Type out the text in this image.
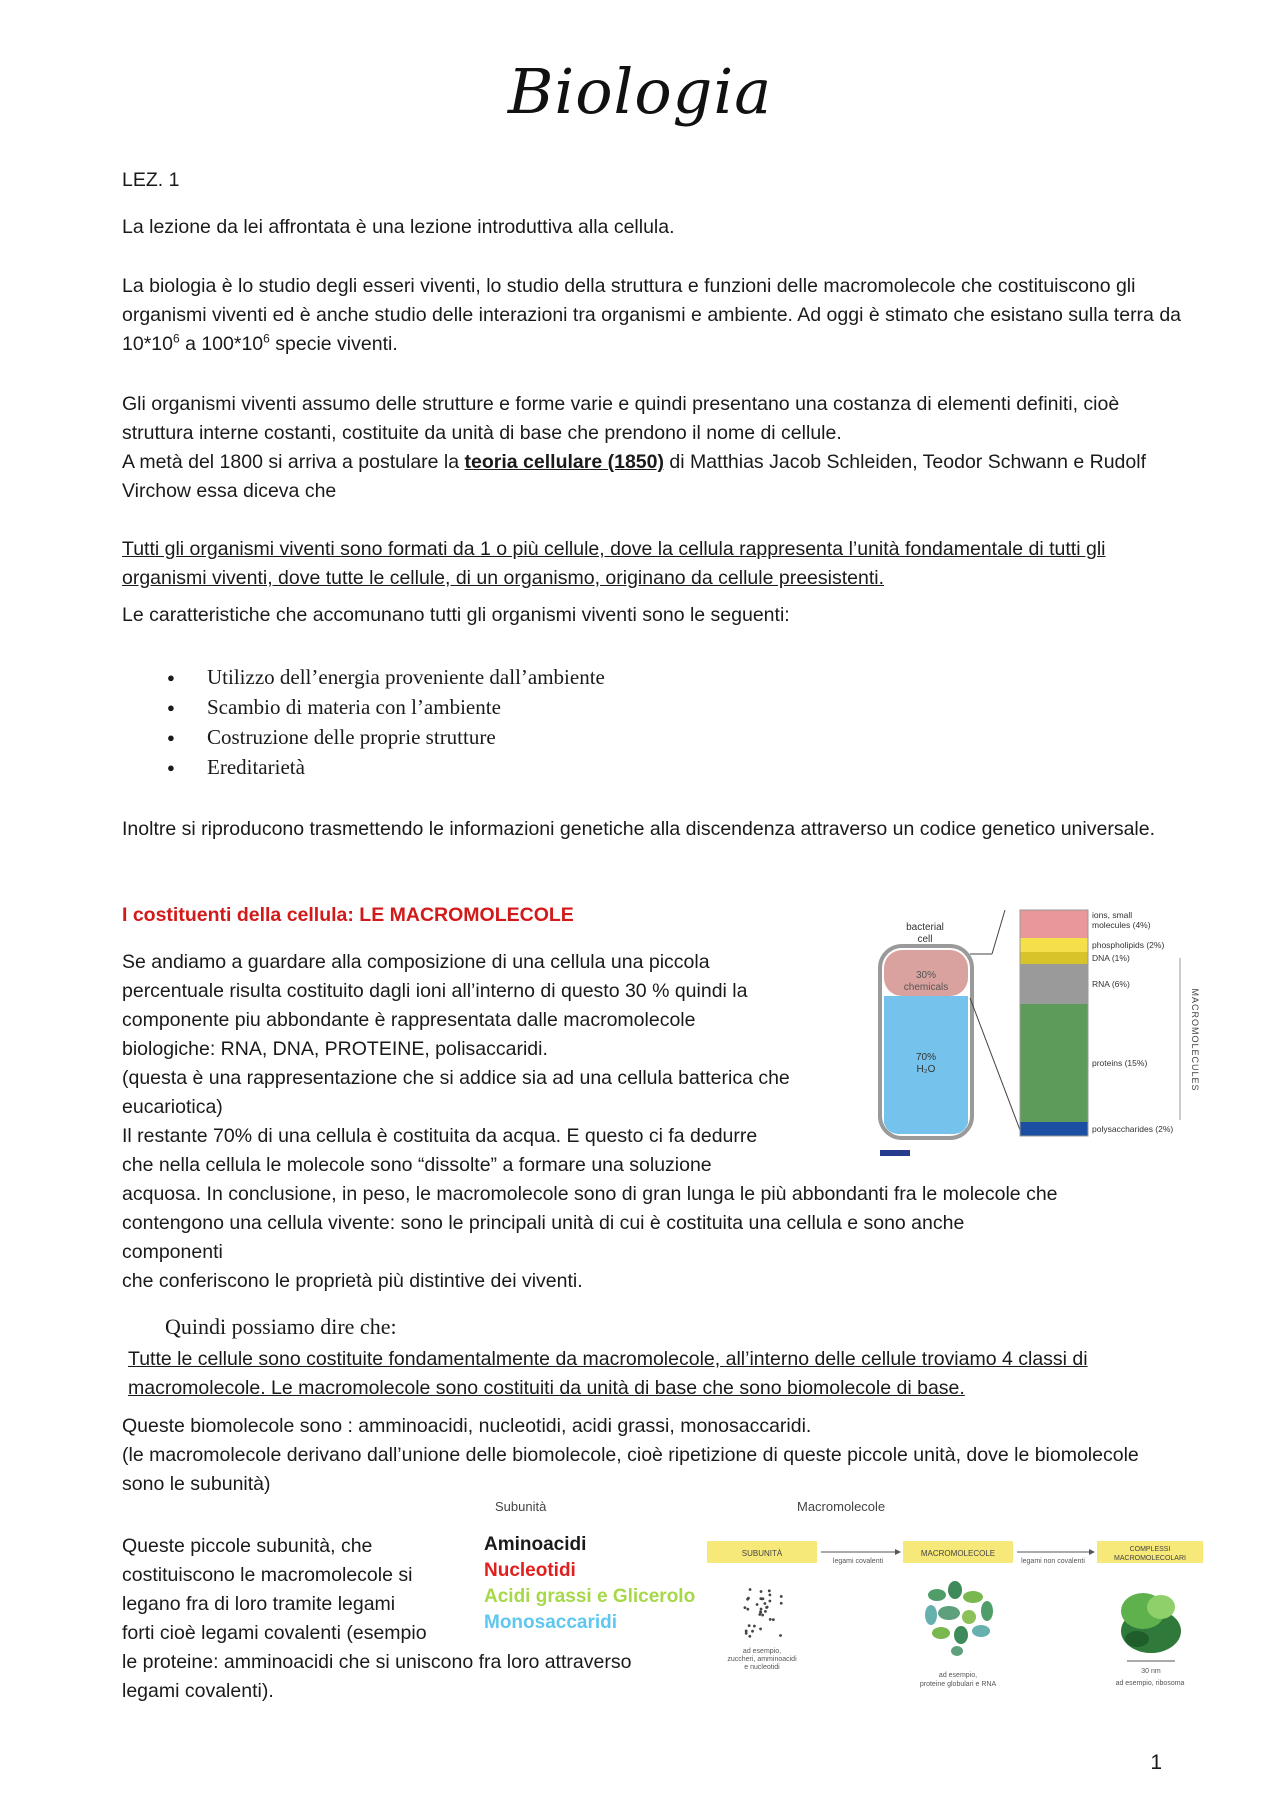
Biologia
LEZ. 1
La lezione da lei affrontata è una lezione introduttiva alla cellula.
La biologia è lo studio degli esseri viventi, lo studio della struttura e funzioni delle macromolecole che costituiscono gli organismi viventi ed è anche studio delle interazioni tra organismi e ambiente. Ad oggi è stimato che esistano sulla terra da $10*10^6$ a $100*10^6$ specie viventi.
Gli organismi viventi assumo delle strutture e forme varie e quindi presentano una costanza di elementi definiti, cioè struttura interne costanti, costituite da unità di base che prendono il nome di cellule.
A metà del 1800 si arriva a postulare la teoria cellulare (1850) di Matthias Jacob Schleiden, Teodor Schwann e Rudolf Virchow essa diceva che
Tutti gli organismi viventi sono formati da 1 o più cellule, dove la cellula rappresenta l’unità fondamentale di tutti gli organismi viventi, dove tutte le cellule, di un organismo, originano da cellule preesistenti.
Le caratteristiche che accomunano tutti gli organismi viventi sono le seguenti:
● Utilizzo dell’energia proveniente dall’ambiente
● Scambio di materia con l’ambiente
● Costruzione delle proprie strutture
● Ereditarietà
Inoltre si riproducono trasmettendo le informazioni genetiche alla discendenza attraverso un codice genetico universale.
I costituenti della cellula: LE MACROMOLECOLE
Se andiamo a guardare alla composizione di una cellula una piccola
percentuale risulta costituito dagli ioni all’interno di questo 30 % quindi la
componente piu abbondante è rappresentata dalle macromolecole
biologiche: RNA, DNA, PROTEINE, polisaccaridi.
(questa è una rappresentazione che si addice sia ad una cellula batterica che
eucariotica)
Il restante 70% di una cellula è costituita da acqua. E questo ci fa dedurre
che nella cellula le molecole sono “dissolte” a formare una soluzione
acquosa. In conclusione, in peso, le macromolecole sono di gran lunga le più abbondanti fra le molecole che
contengono una cellula vivente: sono le principali unità di cui è costituita una cellula e sono anche
componenti
che conferiscono le proprietà più distintive dei viventi.
bacterial
cell
30%
chemicals
70%
H₂O
ions, small
molecules (4%)
phospholipids (2%)
DNA (1%)
RNA (6%)
proteins (15%)
polysaccharides (2%)
MACROMOLECULES
Quindi possiamo dire che:
Tutte le cellule sono costituite fondamentalmente da macromolecole, all’interno delle cellule troviamo 4 classi di macromolecole. Le macromolecole sono costituiti da unità di base che sono biomolecole di base.
Queste biomolecole sono : amminoacidi, nucleotidi, acidi grassi, monosaccaridi.
(le macromolecole derivano dall’unione delle biomolecole, cioè ripetizione di queste piccole unità, dove le biomolecole sono le subunità)
Queste piccole subunità, che
costituiscono le macromolecole si
legano fra di loro tramite legami
forti cioè legami covalenti (esempio
le proteine: amminoacidi che si uniscono fra loro attraverso
legami covalenti).
Subunità	Macromolecole
Aminoacidi
Nucleotidi
Acidi grassi e Glicerolo
Monosaccaridi
SUBUNITÀ
legami covalenti
MACROMOLECOLE
legami non covalenti
COMPLESSI
MACROMOLECOLARI
30 nm
ad esempio, ribosoma
ad esempio,
zuccheri, amminoacidi
e nucleotidi
ad esempio,
proteine globulari e RNA
1
